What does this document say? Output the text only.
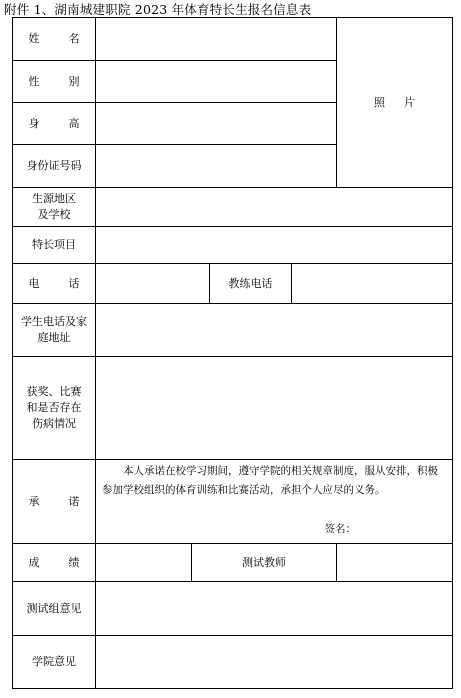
附件 1、湖南城建职院 2023 年体育特长生报名信息表
姓　名					照　片
性　别					
身　高					
身份证号码					
生源地区及学校					
特长项目					
电　话			教练电话		
学生电话及家庭地址					
获奖、比赛和是否存在伤病情况					
承　诺	本人承诺在校学习期间，遵守学院的相关规章制度，服从安排，积极参加学校组织的体育训练和比赛活动，承担个人应尽的义务。

签名：				

成　绩		测试教师			
测试组意见					
学院意见					
